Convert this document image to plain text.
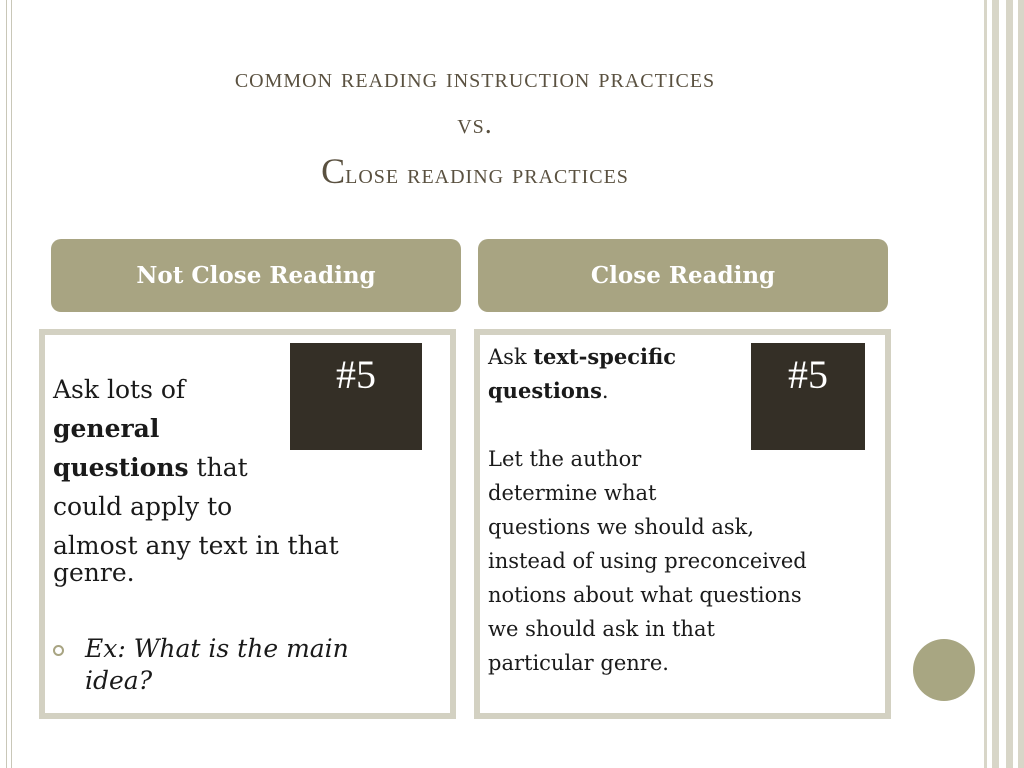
common reading instruction practices
vs.
Close reading practices
Not Close Reading	Close Reading
#5	#5
Ask lots of
general
questions that
could apply to
almost any text in that
genre.
Ex: What is the main idea?

Ask text-specific

questions.

Let the author

determine what

questions we should ask,

instead of using preconceived

notions about what questions

we should ask in that

particular genre.
